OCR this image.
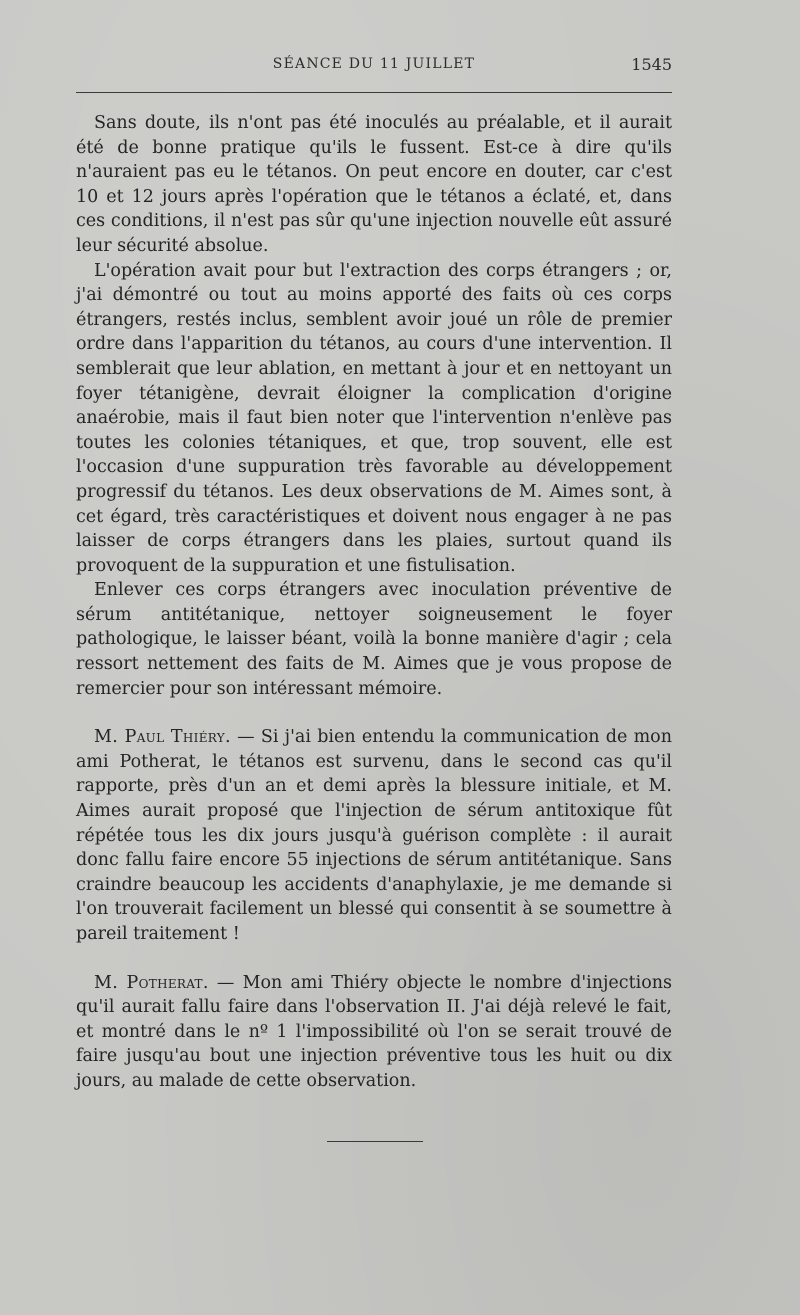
SÉANCE DU 11 JUILLET	1545

Sans doute, ils n'ont pas été inoculés au préalable, et il aurait été de bonne pratique qu'ils le fussent. Est-ce à dire qu'ils n'auraient pas eu le tétanos. On peut encore en douter, car c'est 10 et 12 jours après l'opération que le tétanos a éclaté, et, dans ces conditions, il n'est pas sûr qu'une injection nouvelle eût assuré leur sécurité absolue.

L'opération avait pour but l'extraction des corps étrangers ; or, j'ai démontré ou tout au moins apporté des faits où ces corps étrangers, restés inclus, semblent avoir joué un rôle de premier ordre dans l'apparition du tétanos, au cours d'une intervention. Il semblerait que leur ablation, en mettant à jour et en nettoyant un foyer tétanigène, devrait éloigner la complication d'origine anaérobie, mais il faut bien noter que l'intervention n'enlève pas toutes les colonies tétaniques, et que, trop souvent, elle est l'occasion d'une suppuration très favorable au développement progressif du tétanos. Les deux observations de M. Aimes sont, à cet égard, très caractéristiques et doivent nous engager à ne pas laisser de corps étrangers dans les plaies, surtout quand ils provoquent de la suppuration et une fistulisation.

Enlever ces corps étrangers avec inoculation préventive de sérum antitétanique, nettoyer soigneusement le foyer pathologique, le laisser béant, voilà la bonne manière d'agir ; cela ressort nettement des faits de M. Aimes que je vous propose de remercier pour son intéressant mémoire.

M. Paul Thiéry. — Si j'ai bien entendu la communication de mon ami Potherat, le tétanos est survenu, dans le second cas qu'il rapporte, près d'un an et demi après la blessure initiale, et M. Aimes aurait proposé que l'injection de sérum antitoxique fût répétée tous les dix jours jusqu'à guérison complète : il aurait donc fallu faire encore 55 injections de sérum antitétanique. Sans craindre beaucoup les accidents d'anaphylaxie, je me demande si l'on trouverait facilement un blessé qui consentit à se soumettre à pareil traitement !

M. Potherat. — Mon ami Thiéry objecte le nombre d'injections qu'il aurait fallu faire dans l'observation II. J'ai déjà relevé le fait, et montré dans le nº 1 l'impossibilité où l'on se serait trouvé de faire jusqu'au bout une injection préventive tous les huit ou dix jours, au malade de cette observation.
